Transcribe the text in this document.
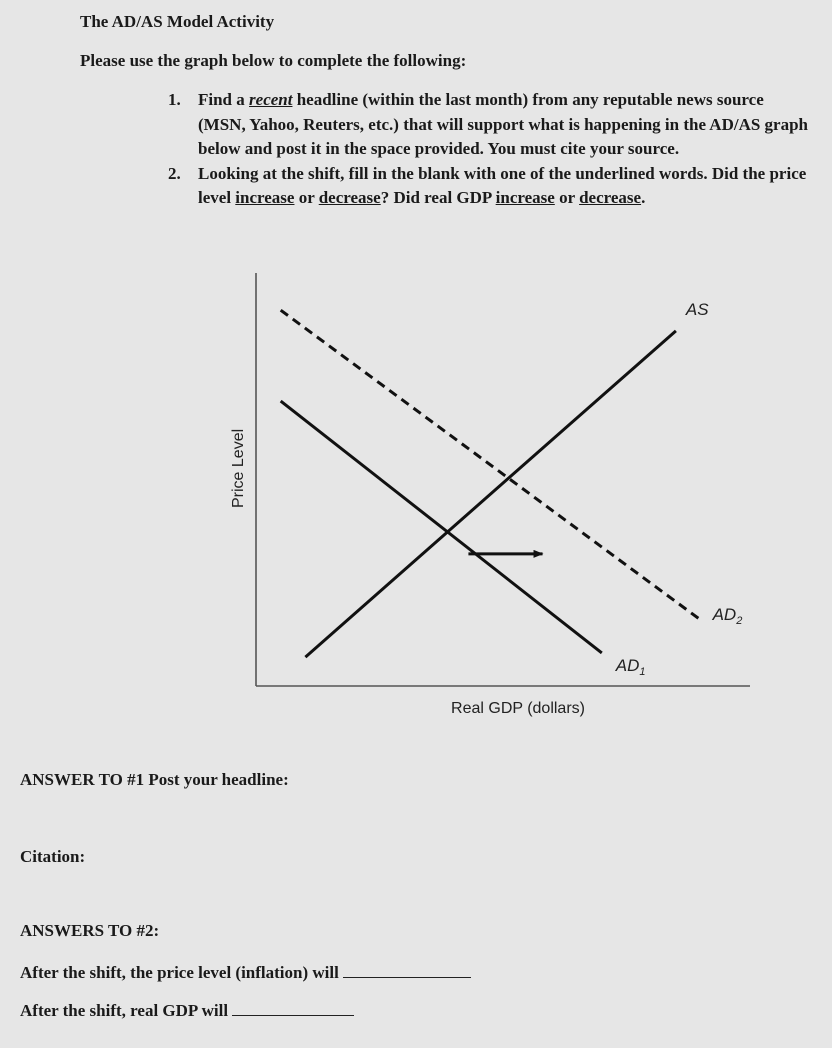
The AD/AS Model Activity
Please use the graph below to complete the following:
1. Find a recent headline (within the last month) from any reputable news source (MSN, Yahoo, Reuters, etc.) that will support what is happening in the AD/AS graph below and post it in the space provided. You must cite your source.
2. Looking at the shift, fill in the blank with one of the underlined words. Did the price level increase or decrease? Did real GDP increase or decrease.
Price Level
Real GDP (dollars)
AS
$AD_1$
$AD_2$
ANSWER TO #1 Post your headline:
Citation:
ANSWERS TO #2:
After the shift, the price level (inflation) will
After the shift, real GDP will
